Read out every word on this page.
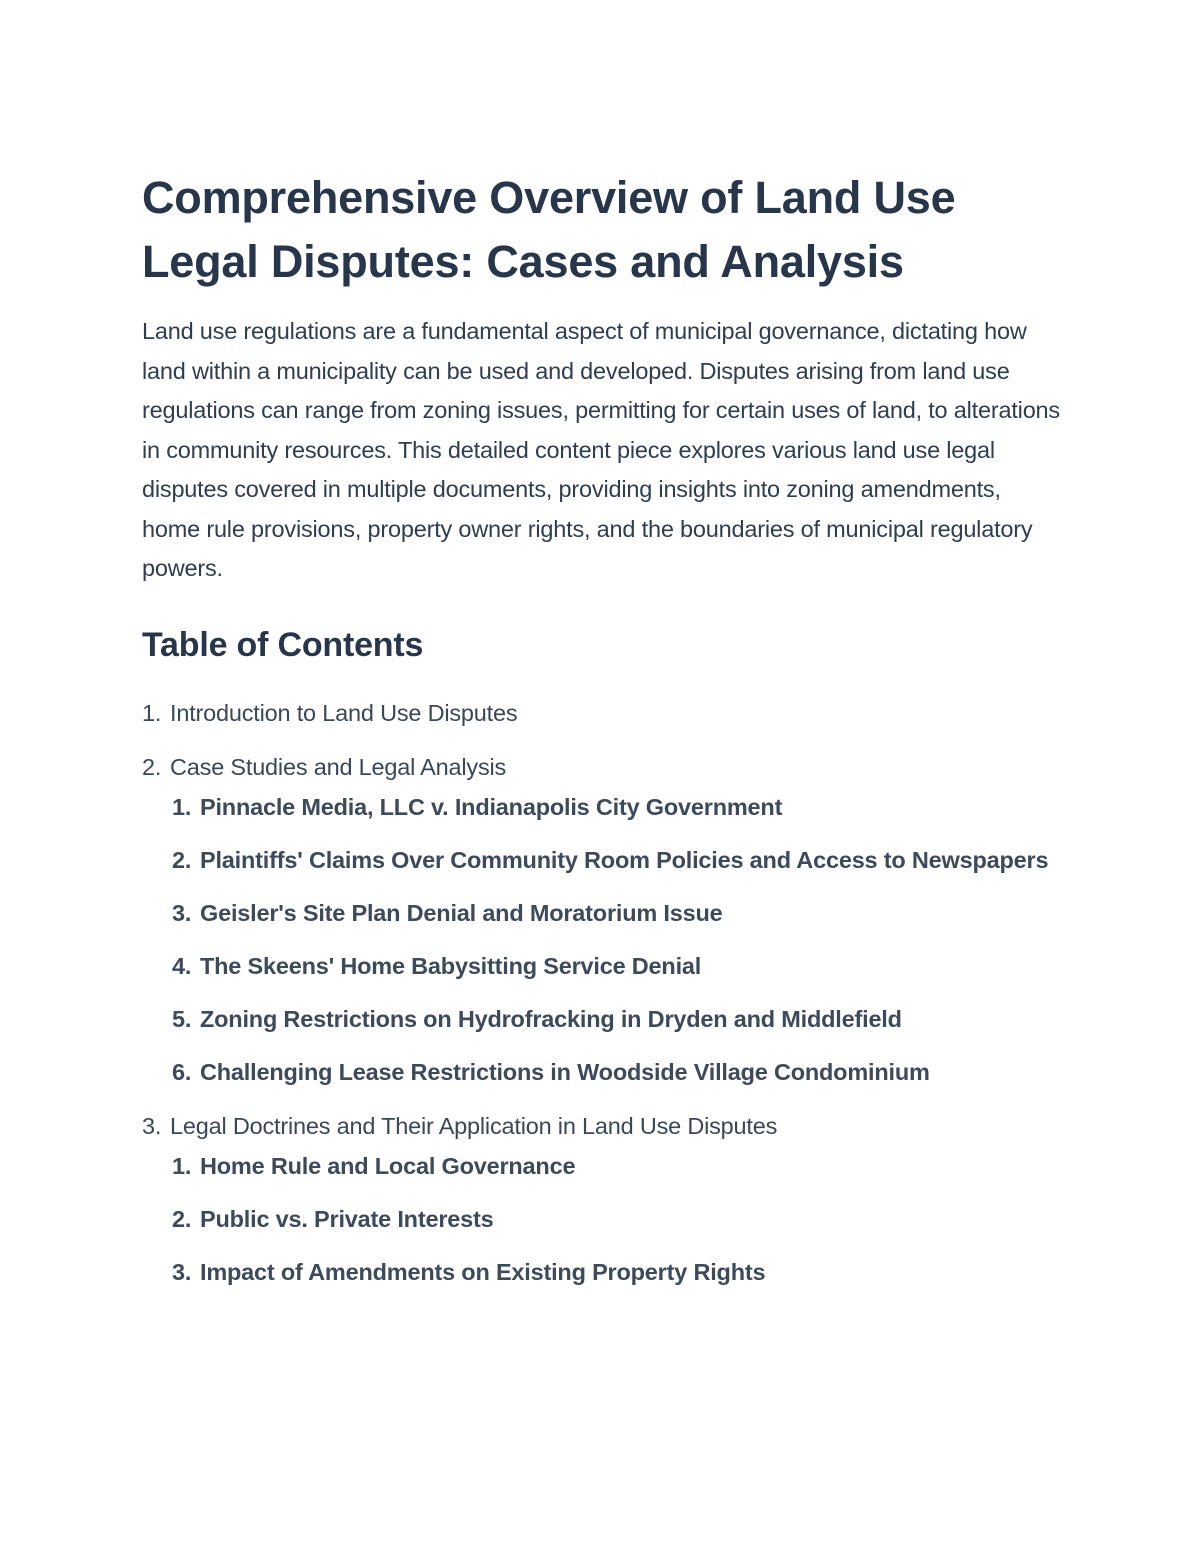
Comprehensive Overview of Land Use Legal Disputes: Cases and Analysis

Land use regulations are a fundamental aspect of municipal governance, dictating how land within a municipality can be used and developed. Disputes arising from land use regulations can range from zoning issues, permitting for certain uses of land, to alterations in community resources. This detailed content piece explores various land use legal disputes covered in multiple documents, providing insights into zoning amendments, home rule provisions, property owner rights, and the boundaries of municipal regulatory powers.

Table of Contents
1. Introduction to Land Use Disputes
2. Case Studies and Legal Analysis
1. Pinnacle Media, LLC v. Indianapolis City Government
2. Plaintiffs' Claims Over Community Room Policies and Access to Newspapers
3. Geisler's Site Plan Denial and Moratorium Issue
4. The Skeens' Home Babysitting Service Denial
5. Zoning Restrictions on Hydrofracking in Dryden and Middlefield
6. Challenging Lease Restrictions in Woodside Village Condominium
3. Legal Doctrines and Their Application in Land Use Disputes
1. Home Rule and Local Governance
2. Public vs. Private Interests
3. Impact of Amendments on Existing Property Rights
